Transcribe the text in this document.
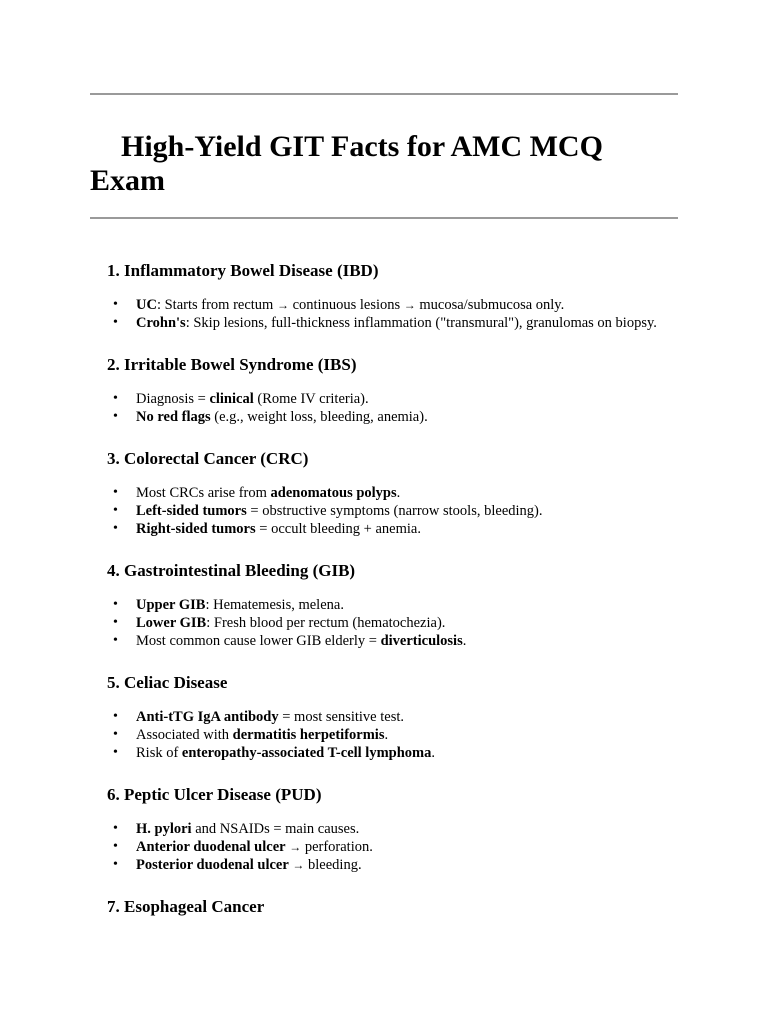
High-Yield GIT Facts for AMC MCQ Exam
1. Inflammatory Bowel Disease (IBD)
• UC: Starts from rectum → continuous lesions → mucosa/submucosa only.
• Crohn's: Skip lesions, full-thickness inflammation ("transmural"), granulomas on biopsy.
2. Irritable Bowel Syndrome (IBS)
• Diagnosis = clinical (Rome IV criteria).
• No red flags (e.g., weight loss, bleeding, anemia).
3. Colorectal Cancer (CRC)
• Most CRCs arise from adenomatous polyps.
• Left-sided tumors = obstructive symptoms (narrow stools, bleeding).
• Right-sided tumors = occult bleeding + anemia.
4. Gastrointestinal Bleeding (GIB)
• Upper GIB: Hematemesis, melena.
• Lower GIB: Fresh blood per rectum (hematochezia).
• Most common cause lower GIB elderly = diverticulosis.
5. Celiac Disease
• Anti-tTG IgA antibody = most sensitive test.
• Associated with dermatitis herpetiformis.
• Risk of enteropathy-associated T-cell lymphoma.
6. Peptic Ulcer Disease (PUD)
• H. pylori and NSAIDs = main causes.
• Anterior duodenal ulcer → perforation.
• Posterior duodenal ulcer → bleeding.
7. Esophageal Cancer
